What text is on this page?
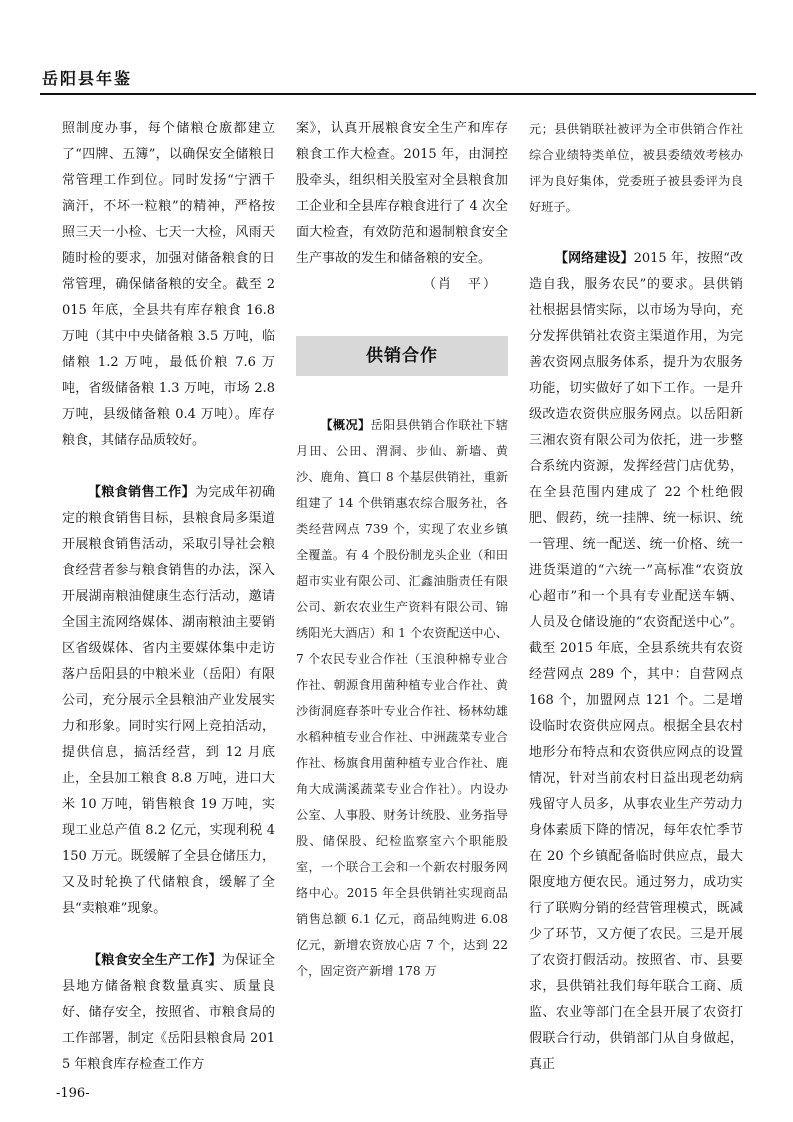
岳阳县年鉴

照制度办事，每个储粮仓廒都建立了“四牌、五簿”，以确保安全储粮日常管理工作到位。同时发扬“宁洒千滴汗，不坏一粒粮”的精神，严格按照三天一小检、七天一大检，风雨天随时检的要求，加强对储备粮食的日常管理，确保储备粮的安全。截至 2015 年底，全县共有库存粮食 16.8 万吨（其中中央储备粮 3.5 万吨，临储粮 1.2 万吨，最低价粮 7.6 万吨，省级储备粮 1.3 万吨，市场 2.8 万吨，县级储备粮 0.4 万吨）。库存粮食，其储存品质较好。

【粮食销售工作】为完成年初确定的粮食销售目标，县粮食局多渠道开展粮食销售活动，采取引导社会粮食经营者参与粮食销售的办法，深入开展湖南粮油健康生态行活动，邀请全国主流网络媒体、湖南粮油主要销区省级媒体、省内主要媒体集中走访落户岳阳县的中粮米业（岳阳）有限公司，充分展示全县粮油产业发展实力和形象。同时实行网上竞拍活动，提供信息，搞活经营，到 12 月底止，全县加工粮食 8.8 万吨，进口大米 10 万吨，销售粮食 19 万吨，实现工业总产值 8.2 亿元，实现利税 4150 万元。既缓解了全县仓储压力，又及时轮换了代储粮食，缓解了全县“卖粮难”现象。

【粮食安全生产工作】为保证全县地方储备粮食数量真实、质量良好、储存安全，按照省、市粮食局的工作部署，制定《岳阳县粮食局 2015 年粮食库存检查工作方

案》，认真开展粮食安全生产和库存粮食工作大检查。2015 年，由洞控股牵头，组织相关股室对全县粮食加工企业和全县库存粮食进行了 4 次全面大检查，有效防范和遏制粮食安全生产事故的发生和储备粮的安全。

（肖　平）

供销合作

【概况】岳阳县供销合作联社下辖月田、公田、渭洞、步仙、新墙、黄沙、鹿角、篔口 8 个基层供销社，重新组建了 14 个供销惠农综合服务社，各类经营网点 739 个，实现了农业乡镇全覆盖。有 4 个股份制龙头企业（和田超市实业有限公司、汇鑫油脂责任有限公司、新农农业生产资料有限公司、锦绣阳光大酒店）和 1 个农资配送中心、7 个农民专业合作社（玉浪种棉专业合作社、朝源食用菌种植专业合作社、黄沙街洞庭春茶叶专业合作社、杨林幼雄水稻种植专业合作社、中洲蔬菜专业合作社、杨旗食用菌种植专业合作社、鹿角大成满溪蔬菜专业合作社）。内设办公室、人事股、财务计统股、业务指导股、储保股、纪检监察室六个职能股室，一个联合工会和一个新农村服务网络中心。2015 年全县供销社实现商品销售总额 6.1 亿元，商品纯购进 6.08 亿元，新增农资放心店 7 个，达到 22 个，固定资产新增 178 万

元；县供销联社被评为全市供销合作社综合业绩特类单位，被县委绩效考核办评为良好集体，党委班子被县委评为良好班子。

【网络建设】2015 年，按照“改造自我，服务农民”的要求。县供销社根据县情实际，以市场为导向，充分发挥供销社农资主渠道作用，为完善农资网点服务体系，提升为农服务功能，切实做好了如下工作。一是升级改造农资供应服务网点。以岳阳新三湘农资有限公司为依托，进一步整合系统内资源，发挥经营门店优势，在全县范围内建成了 22 个杜绝假肥、假药，统一挂牌、统一标识、统一管理、统一配送、统一价格、统一进货渠道的“六统一”高标准“农资放心超市”和一个具有专业配送车辆、人员及仓储设施的“农资配送中心”。截至 2015 年底，全县系统共有农资经营网点 289 个，其中：自营网点 168 个，加盟网点 121 个。二是增设临时农资供应网点。根据全县农村地形分布特点和农资供应网点的设置情况，针对当前农村日益出现老幼病残留守人员多，从事农业生产劳动力身体素质下降的情况，每年农忙季节在 20 个乡镇配备临时供应点，最大限度地方便农民。通过努力，成功实行了联购分销的经营管理模式，既减少了环节，又方便了农民。三是开展了农资打假活动。按照省、市、县要求，县供销社我们每年联合工商、质监、农业等部门在全县开展了农资打假联合行动，供销部门从自身做起，真正

-196-
